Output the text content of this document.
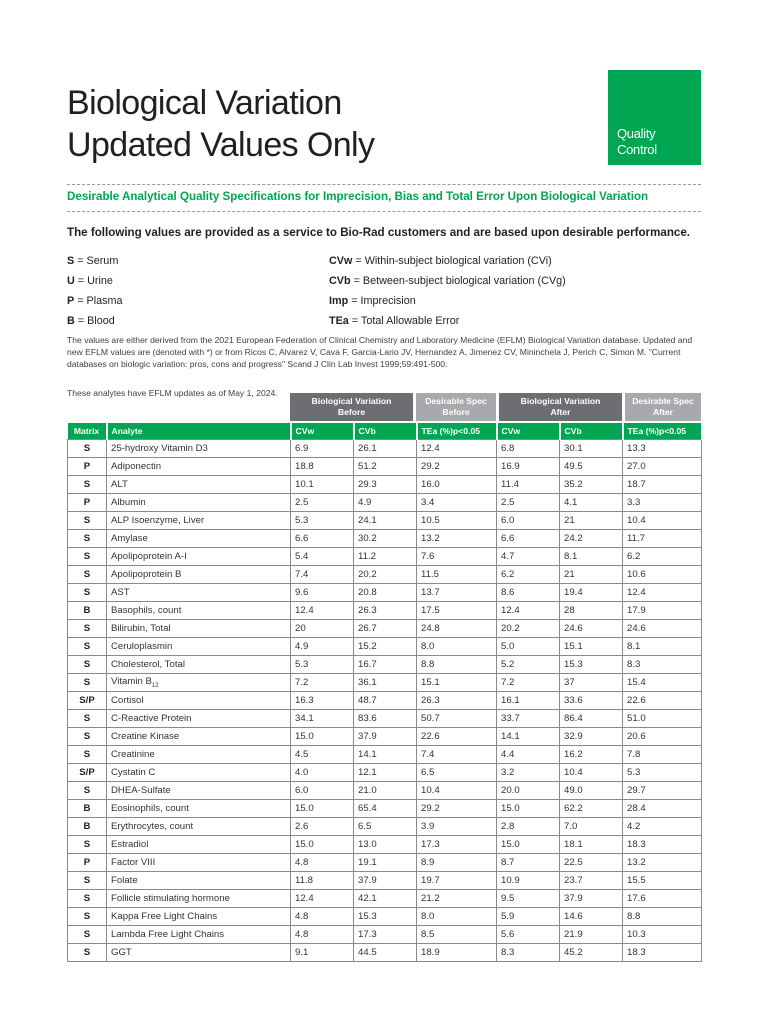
Biological Variation
Updated Values Only	Quality
Control

Desirable Analytical Quality Specifications for Imprecision, Bias and Total Error Upon Biological Variation

The following values are provided as a service to Bio-Rad customers and are based upon desirable performance.

S = Serum
U = Urine
P = Plasma
B = Blood
CVw = Within-subject biological variation (CVi)
CVb = Between-subject biological variation (CVg)
Imp = Imprecision
TEa = Total Allowable Error

The values are either derived from the 2021 European Federation of Clinical Chemistry and Laboratory Medicine (EFLM) Biological Variation database. Updated and new EFLM values are (denoted with *) or from Ricos C, Alvarez V, Cava F, Garcia-Lario JV, Hernandez A, Jimenez CV, Mininchela J, Perich C, Simon M. "Current databases on biologic variation: pros, cons and progress" Scand J Clin Lab Invest 1999;59:491-500.

These analytes have EFLM updates as of May 1, 2024.

Biological Variation
Before
Desirable Spec
Before
Biological Variation
After
Desirable Spec
After
Matrix	Analyte	CVw	CVb	TEa (%)p<0.05	CVw	CVb	TEa (%)p<0.05
S	25-hydroxy Vitamin D3	6.9	26.1	12.4	6.8	30.1	13.3
P	Adiponectin	18.8	51.2	29.2	16.9	49.5	27.0
S	ALT	10.1	29.3	16.0	11.4	35.2	18.7
P	Albumin	2.5	4.9	3.4	2.5	4.1	3.3
S	ALP Isoenzyme, Liver	5.3	24.1	10.5	6.0	21	10.4
S	Amylase	6.6	30.2	13.2	6.6	24.2	11.7
S	Apolipoprotein A-I	5.4	11.2	7.6	4.7	8.1	6.2
S	Apolipoprotein B	7.4	20.2	11.5	6.2	21	10.6
S	AST	9.6	20.8	13.7	8.6	19.4	12.4
B	Basophils, count	12.4	26.3	17.5	12.4	28	17.9
S	Bilirubin, Total	20	26.7	24.8	20.2	24.6	24.6
S	Ceruloplasmin	4.9	15.2	8.0	5.0	15.1	8.1
S	Cholesterol, Total	5.3	16.7	8.8	5.2	15.3	8.3
S	Vitamin $B_{12}$	7.2	36.1	15.1	7.2	37	15.4
S/P	Cortisol	16.3	48.7	26.3	16.1	33.6	22.6
S	C-Reactive Protein	34.1	83.6	50.7	33.7	86.4	51.0
S	Creatine Kinase	15.0	37.9	22.6	14.1	32.9	20.6
S	Creatinine	4.5	14.1	7.4	4.4	16.2	7.8
S/P	Cystatin C	4.0	12.1	6.5	3.2	10.4	5.3
S	DHEA-Sulfate	6.0	21.0	10.4	20.0	49.0	29.7
B	Eosinophils, count	15.0	65.4	29.2	15.0	62.2	28.4
B	Erythrocytes, count	2.6	6.5	3.9	2.8	7.0	4.2
S	Estradiol	15.0	13.0	17.3	15.0	18.1	18.3
P	Factor VIII	4.8	19.1	8.9	8.7	22.5	13.2
S	Folate	11.8	37.9	19.7	10.9	23.7	15.5
S	Follicle stimulating hormone	12.4	42.1	21.2	9.5	37.9	17.6
S	Kappa Free Light Chains	4.8	15.3	8.0	5.9	14.6	8.8
S	Lambda Free Light Chains	4.8	17.3	8.5	5.6	21.9	10.3
S	GGT	9.1	44.5	18.9	8.3	45.2	18.3
